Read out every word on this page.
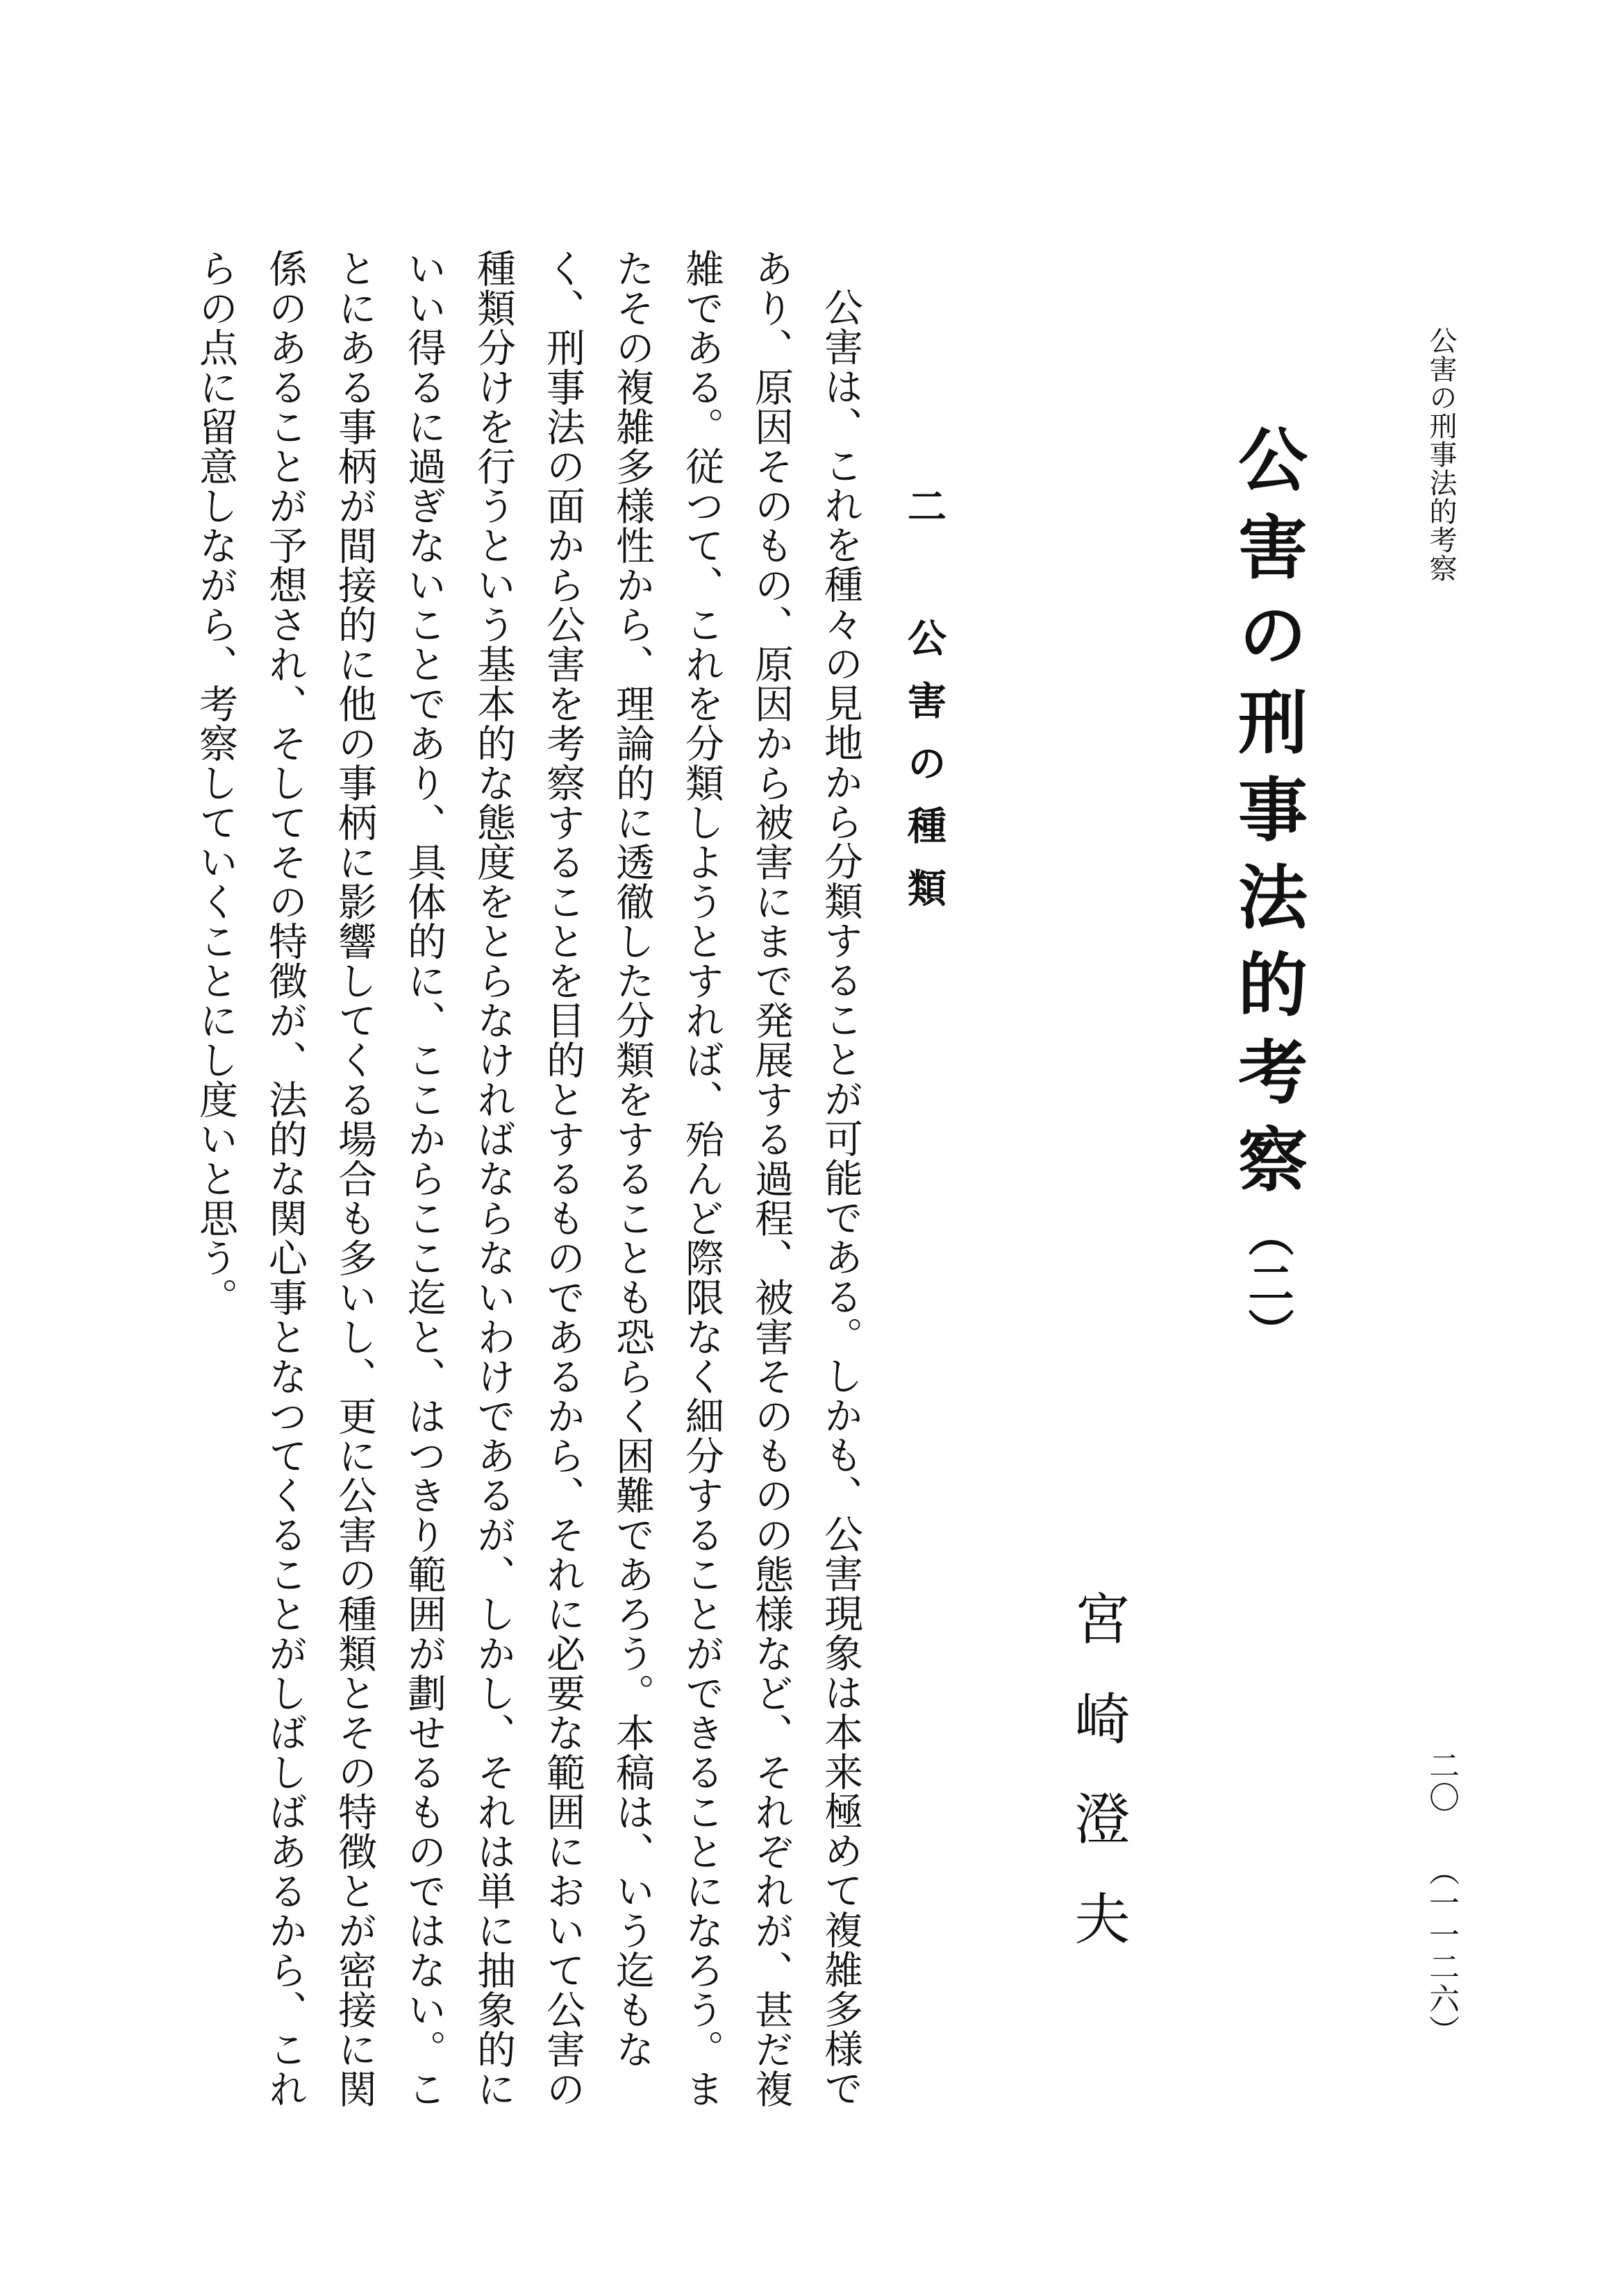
公害の刑事法的考察
二〇（一一二六）
公害の刑事法的考察（二）
宮崎澄夫
二 公害の種類

公害は、これを種々の見地から分類することが可能である。しかも、公害現象は本来極めて複雑多様であり、原因そのもの、原因から被害にまで発展する過程、被害そのものの態様など、それぞれが、甚だ複雑である。従つて、これを分類しようとすれば、殆んど際限なく細分することができることになろう。またその複雑多様性から、理論的に透徹した分類をすることも恐らく困難であろう。本稿は、いう迄もなく、刑事法の面から公害を考察することを目的とするものであるから、それに必要な範囲において公害の種類分けを行うという基本的な態度をとらなければならないわけであるが、しかし、それは単に抽象的にいい得るに過ぎないことであり、具体的に、ここからここ迄と、はつきり範囲が劃せるものではない。ことにある事柄が間接的に他の事柄に影響してくる場合も多いし、更に公害の種類とその特徴とが密接に関係のあることが予想され、そしてその特徴が、法的な関心事となつてくることがしばしばあるから、これらの点に留意しながら、考察していくことにし度いと思う。
